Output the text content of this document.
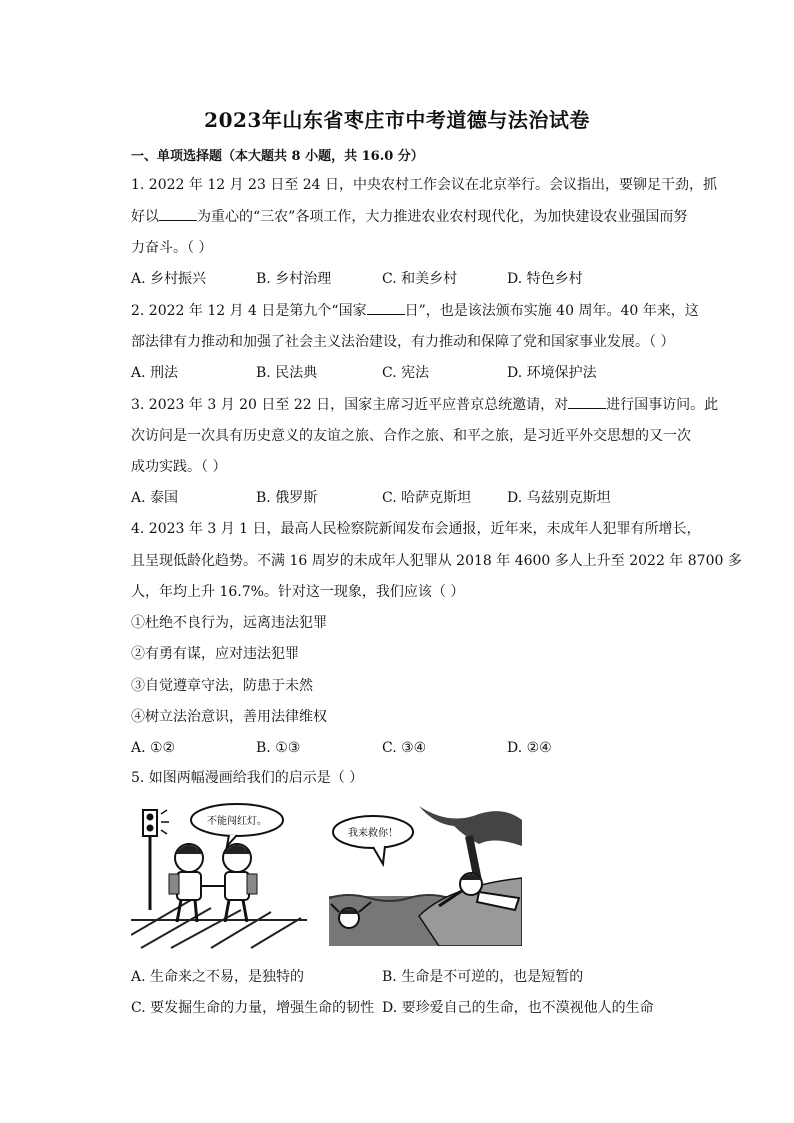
2023年山东省枣庄市中考道德与法治试卷
一、单项选择题（本大题共 8 小题，共 16.0 分）
1. 2022 年 12 月 23 日至 24 日，中央农村工作会议在北京举行。会议指出，要铆足干劲，抓
好以	为重心的“三农”各项工作，大力推进农业农村现代化，为加快建设农业强国而努
力奋斗。（ ）
A. 乡村振兴	B. 乡村治理	C. 和美乡村	D. 特色乡村
2. 2022 年 12 月 4 日是第九个“国家	日”，也是该法颁布实施 40 周年。40 年来，这
部法律有力推动和加强了社会主义法治建设，有力推动和保障了党和国家事业发展。（ ）
A. 刑法	B. 民法典	C. 宪法	D. 环境保护法
3. 2023 年 3 月 20 日至 22 日，国家主席习近平应普京总统邀请，对	进行国事访问。此
次访问是一次具有历史意义的友谊之旅、合作之旅、和平之旅，是习近平外交思想的又一次
成功实践。（ ）
A. 泰国	B. 俄罗斯	C. 哈萨克斯坦	D. 乌兹别克斯坦
4. 2023 年 3 月 1 日，最高人民检察院新闻发布会通报，近年来，未成年人犯罪有所增长，
且呈现低龄化趋势。不满 16 周岁的未成年人犯罪从 2018 年 4600 多人上升至 2022 年 8700 多
人，年均上升 16.7%。针对这一现象，我们应该（ ）
①杜绝不良行为，远离违法犯罪
②有勇有谋，应对违法犯罪
③自觉遵章守法，防患于未然
④树立法治意识，善用法律维权
A. ①②	B. ①③	C. ③④	D. ②④
5. 如图两幅漫画给我们的启示是（ ）
不能闯红灯。
我来救你！
A. 生命来之不易，是独特的	B. 生命是不可逆的，也是短暂的
C. 要发掘生命的力量，增强生命的韧性 D. 要珍爱自己的生命，也不漠视他人的生命
